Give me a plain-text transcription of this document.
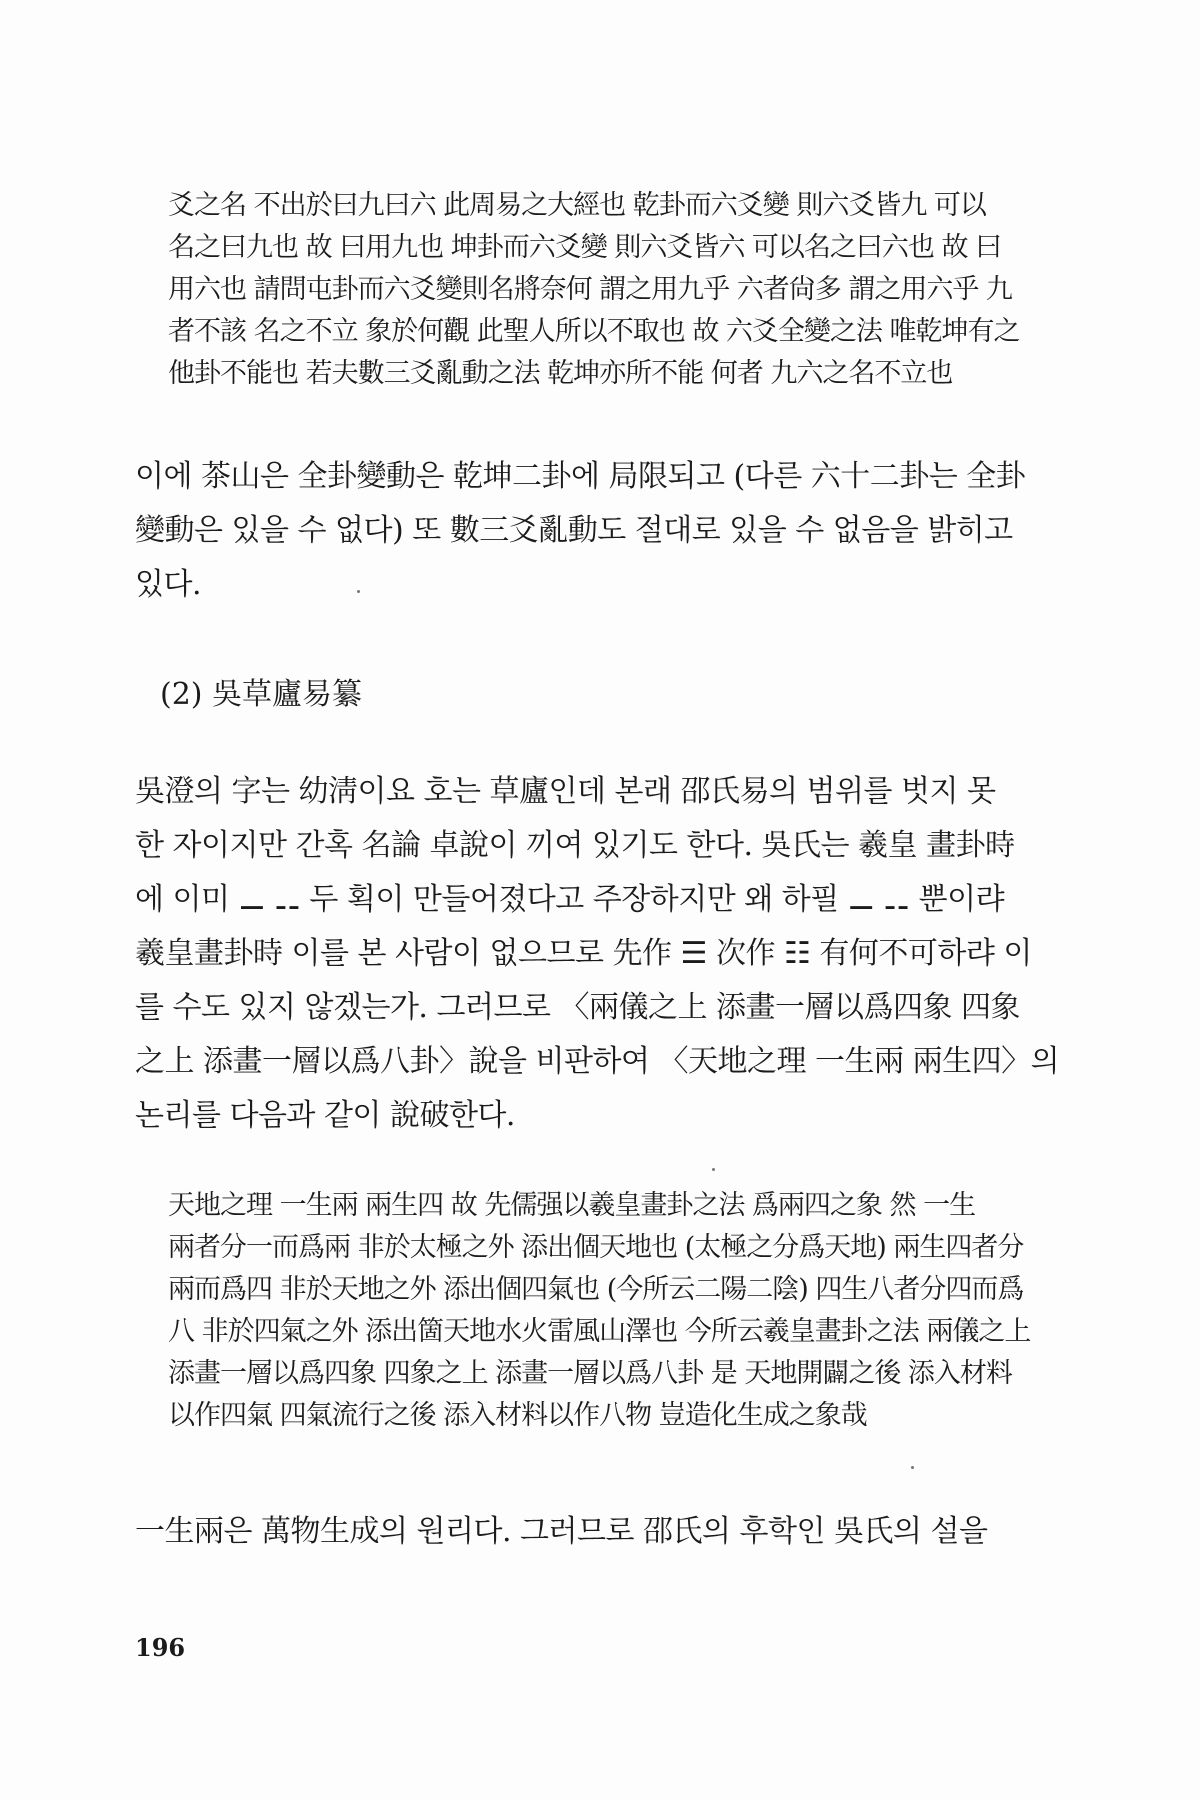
爻之名 不出於曰九曰六 此周易之大經也 乾卦而六爻變 則六爻皆九 可以
名之曰九也 故 曰用九也 坤卦而六爻變 則六爻皆六 可以名之曰六也 故 曰
用六也 請問屯卦而六爻變則名將奈何 謂之用九乎 六者尙多 謂之用六乎 九
者不該 名之不立 象於何觀 此聖人所以不取也 故 六爻全變之法 唯乾坤有之
他卦不能也 若夫數三爻亂動之法 乾坤亦所不能 何者 九六之名不立也
이에 茶山은 全卦變動은 乾坤二卦에 局限되고 (다른 六十二卦는 全卦
變動은 있을 수 없다) 또 數三爻亂動도 절대로 있을 수 없음을 밝히고
있다.
(2) 吳草廬易纂
吳澄의 字는 幼淸이요 호는 草廬인데 본래 邵氏易의 범위를 벗지 못
한 자이지만 간혹 名論 卓說이 끼여 있기도 한다. 吳氏는 羲皇 畫卦時
에 이미 ⚊ ⚋ 두 획이 만들어졌다고 주장하지만 왜 하필 ⚊ ⚋ 뿐이랴
羲皇畫卦時 이를 본 사람이 없으므로 先作 ☰ 次作 ☷ 有何不可하랴 이
를 수도 있지 않겠는가. 그러므로 〈兩儀之上 添畫一層以爲四象 四象
之上 添畫一層以爲八卦〉說을 비판하여 〈天地之理 一生兩 兩生四〉의
논리를 다음과 같이 說破한다.
天地之理 一生兩 兩生四 故 先儒强以羲皇畫卦之法 爲兩四之象 然 一生
兩者分一而爲兩 非於太極之外 添出個天地也 (太極之分爲天地) 兩生四者分
兩而爲四 非於天地之外 添出個四氣也 (今所云二陽二陰) 四生八者分四而爲
八 非於四氣之外 添出箇天地水火雷風山澤也 今所云羲皇畫卦之法 兩儀之上
添畫一層以爲四象 四象之上 添畫一層以爲八卦 是 天地開闢之後 添入材料
以作四氣 四氣流行之後 添入材料以作八物 豈造化生成之象哉
一生兩은 萬物生成의 원리다. 그러므로 邵氏의 후학인 吳氏의 설을
196
